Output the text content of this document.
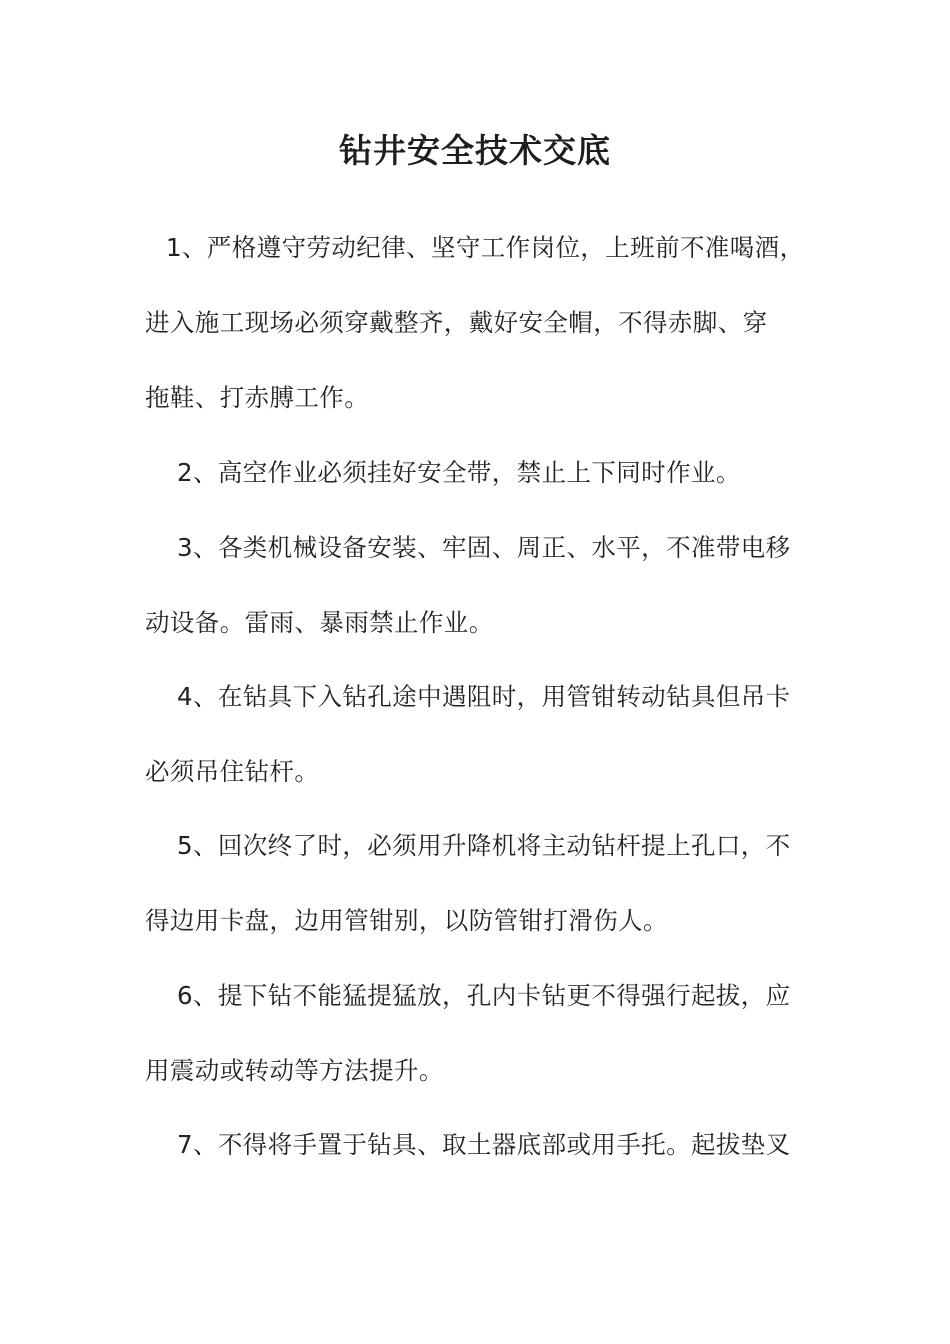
钻井安全技术交底
1、严格遵守劳动纪律、坚守工作岗位，上班前不准喝酒，
进入施工现场必须穿戴整齐，戴好安全帽，不得赤脚、穿
拖鞋、打赤膊工作。
2、高空作业必须挂好安全带，禁止上下同时作业。
3、各类机械设备安装、牢固、周正、水平，不准带电移
动设备。雷雨、暴雨禁止作业。
4、在钻具下入钻孔途中遇阻时，用管钳转动钻具但吊卡
必须吊住钻杆。
5、回次终了时，必须用升降机将主动钻杆提上孔口，不
得边用卡盘，边用管钳别，以防管钳打滑伤人。
6、提下钻不能猛提猛放，孔内卡钻更不得强行起拔，应
用震动或转动等方法提升。
7、不得将手置于钻具、取土器底部或用手托。起拔垫叉
